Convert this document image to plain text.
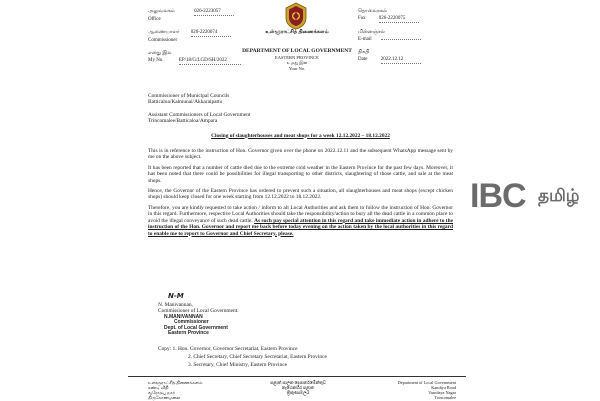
அலுவலகம்	026-2223057
Office
ஆணையாளர் 026-2220074
Commissioner
எனது இல
My No.	EP/18/G/LGD/SH/2022
உள்ளூராட்சித் திணைக்களம்
உமது இல
Your No.
DEPARTMENT OF LOCAL GOVERNMENT
EASTERN PROVINCE
தொலைநகல்
Fax	026-2220075
மின்னஞ்சல்
E-mail
திகதி
Date	2022.12.12

Commissioner of Municipal Councils

Batticaloa/Kalmunai/Akkaraipattu

Assistant Commissioners of Local Government

Trincomalee/Batticaloa/Ampara

Closing of slaughterhouses and meat shops for a week 12.12.2022 – 18.12.2022

This is in reference to the instruction of Hon. Governor given over the phone on 2022.12.11 and the subsequent WhatsApp message sent by me on the above subject.

It has been reported that a number of cattle died due to the extreme cold weather in the Eastern Province for the past few days. Moreover, it has been noted that there could be possibilities for illegal transporting to other districts, slaughtering of those cattle, and sale at the meat shops.

Hence, the Governor of the Eastern Province has ordered to prevent such a situation, all slaughterhouses and meat shops (except chicken shops) should keep closed for one week starting from 12.12.2022 to 18.12.2022.

Therefore, you are kindly requested to take action / inform to all Local Authorities and ask them to follow the instruction of Hon. Governor in this regard. Furthermore, respective Local Authorities should take the responsibility/action to bury all the dead cattle in a common place to avoid the illegal conveyance of such dead cattle. As such pay special attention in this regard and take immediate action in adhere to the instruction of the Hon. Governor and report me back before today evening on the action taken by the local authorities in this regard to enable me to report to Governor and Chief Secretary, please.

N-M
N. Manivannan,
Commissioner of Local Government.
N.MANIVANNAN
Commissioner
Dept. of Local Government
Eastern Province
Copy: 1. Hon. Governor, Governor Secretariat, Eastern Province
2. Chief Secretary, Chief Secretary Secretariat, Eastern Province
3. Secretary, Chief Ministry, Eastern Province
உள்ளூராட்சித் திணைக்களம்
கண்டி வீதி
வரோதய நகர்
திருகோணமலை
පළාත් පාලන දෙපාර්තමේන්තුව
නැගෙනහිර පළාත
ත්‍රිකුණාමලය
Department of Local Government
Kandiya Road
Varodaya Nagar
Trincomalee
IBC தமிழ்
